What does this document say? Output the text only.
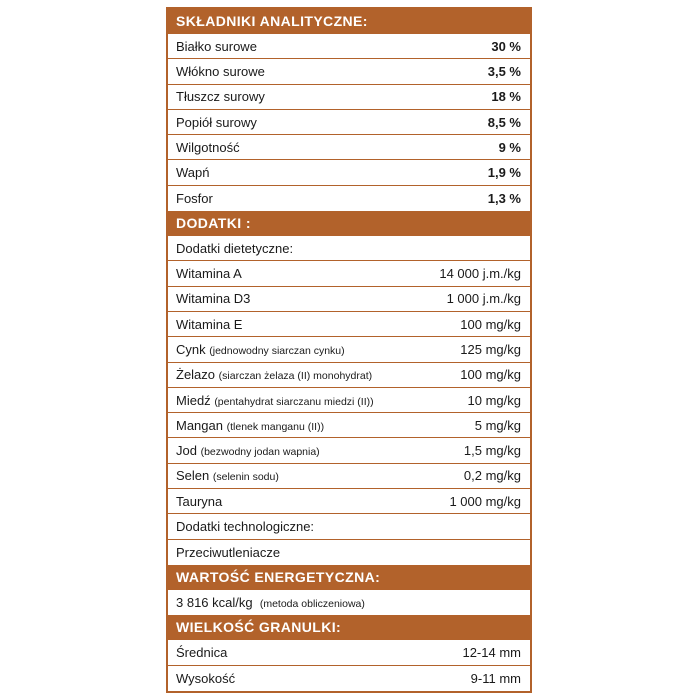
SKŁADNIKI ANALITYCZNE:
Białko surowe	30 %
Włókno surowe	3,5 %
Tłuszcz surowy	18 %
Popiół surowy	8,5 %
Wilgotność	9 %
Wapń	1,9 %
Fosfor	1,3 %
DODATKI :
Dodatki dietetyczne:
Witamina A	14 000 j.m./kg
Witamina D3	1 000 j.m./kg
Witamina E	100 mg/kg
Cynk (jednowodny siarczan cynku)	125 mg/kg
Żelazo (siarczan żelaza (II) monohydrat)	100 mg/kg
Miedź (pentahydrat siarczanu miedzi (II))	10 mg/kg
Mangan (tlenek manganu (II))	5 mg/kg
Jod (bezwodny jodan wapnia)	1,5 mg/kg
Selen (selenin sodu)	0,2 mg/kg
Tauryna	1 000 mg/kg
Dodatki technologiczne:
Przeciwutleniacze
WARTOŚĆ ENERGETYCZNA:
3 816 kcal/kg (metoda obliczeniowa)
WIELKOŚĆ GRANULKI:
Średnica	12-14 mm
Wysokość	9-11 mm
